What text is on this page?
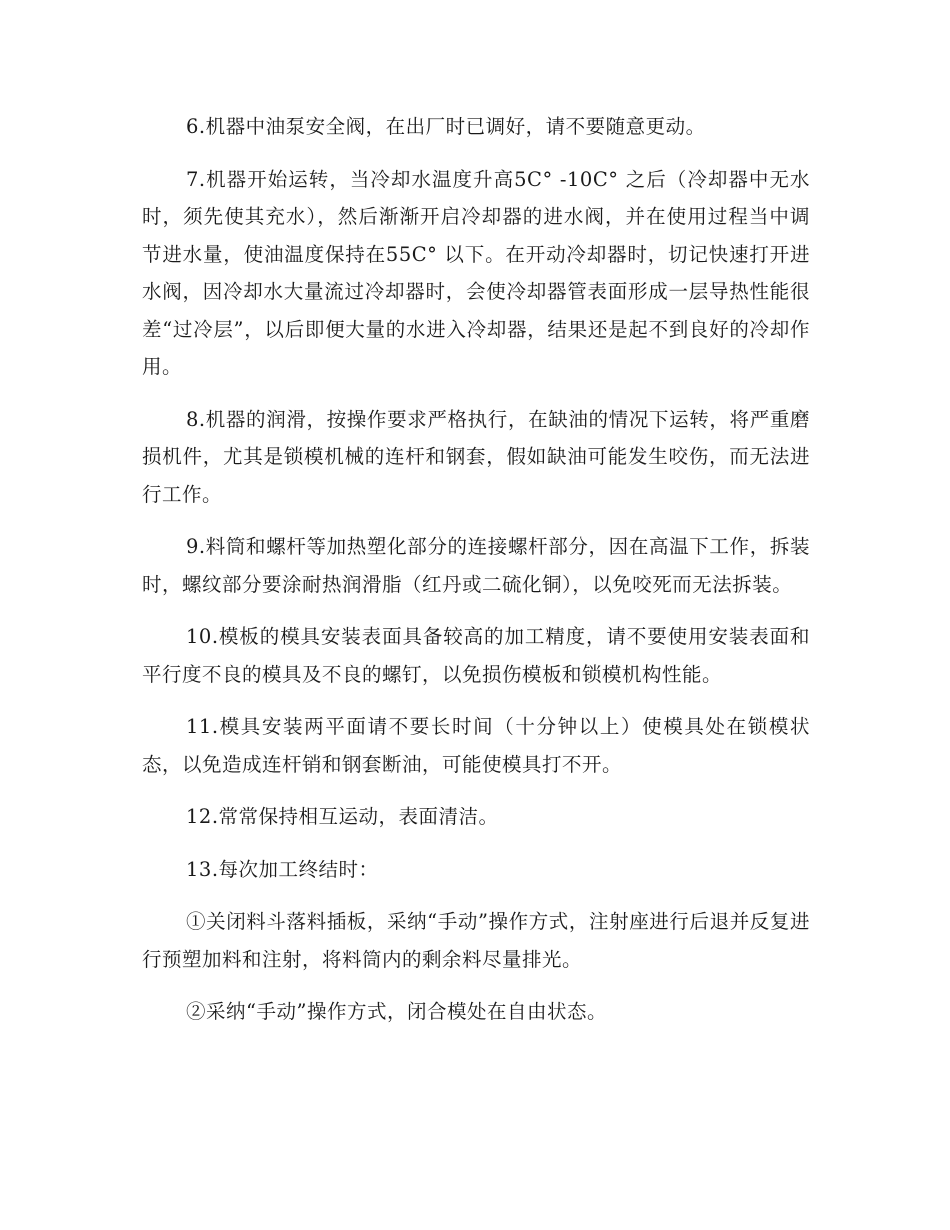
6.机器中油泵安全阀，在出厂时已调好，请不要随意更动。

7.机器开始运转，当冷却水温度升高5C° -10C° 之后（冷却器中无水时，须先使其充水），然后渐渐开启冷却器的进水阀，并在使用过程当中调节进水量，使油温度保持在55C° 以下。在开动冷却器时，切记快速打开进水阀，因冷却水大量流过冷却器时，会使冷却器管表面形成一层导热性能很差“过冷层”，以后即便大量的水进入冷却器，结果还是起不到良好的冷却作用。

8.机器的润滑，按操作要求严格执行，在缺油的情况下运转，将严重磨损机件，尤其是锁模机械的连杆和钢套，假如缺油可能发生咬伤，而无法进行工作。

9.料筒和螺杆等加热塑化部分的连接螺杆部分，因在高温下工作，拆装时，螺纹部分要涂耐热润滑脂（红丹或二硫化铜），以免咬死而无法拆装。

10.模板的模具安装表面具备较高的加工精度，请不要使用安装表面和平行度不良的模具及不良的螺钉，以免损伤模板和锁模机构性能。

11.模具安装两平面请不要长时间（十分钟以上）使模具处在锁模状态，以免造成连杆销和钢套断油，可能使模具打不开。

12.常常保持相互运动，表面清洁。

13.每次加工终结时：

①关闭料斗落料插板，采纳“手动”操作方式，注射座进行后退并反复进行预塑加料和注射，将料筒内的剩余料尽量排光。

②采纳“手动”操作方式，闭合模处在自由状态。
